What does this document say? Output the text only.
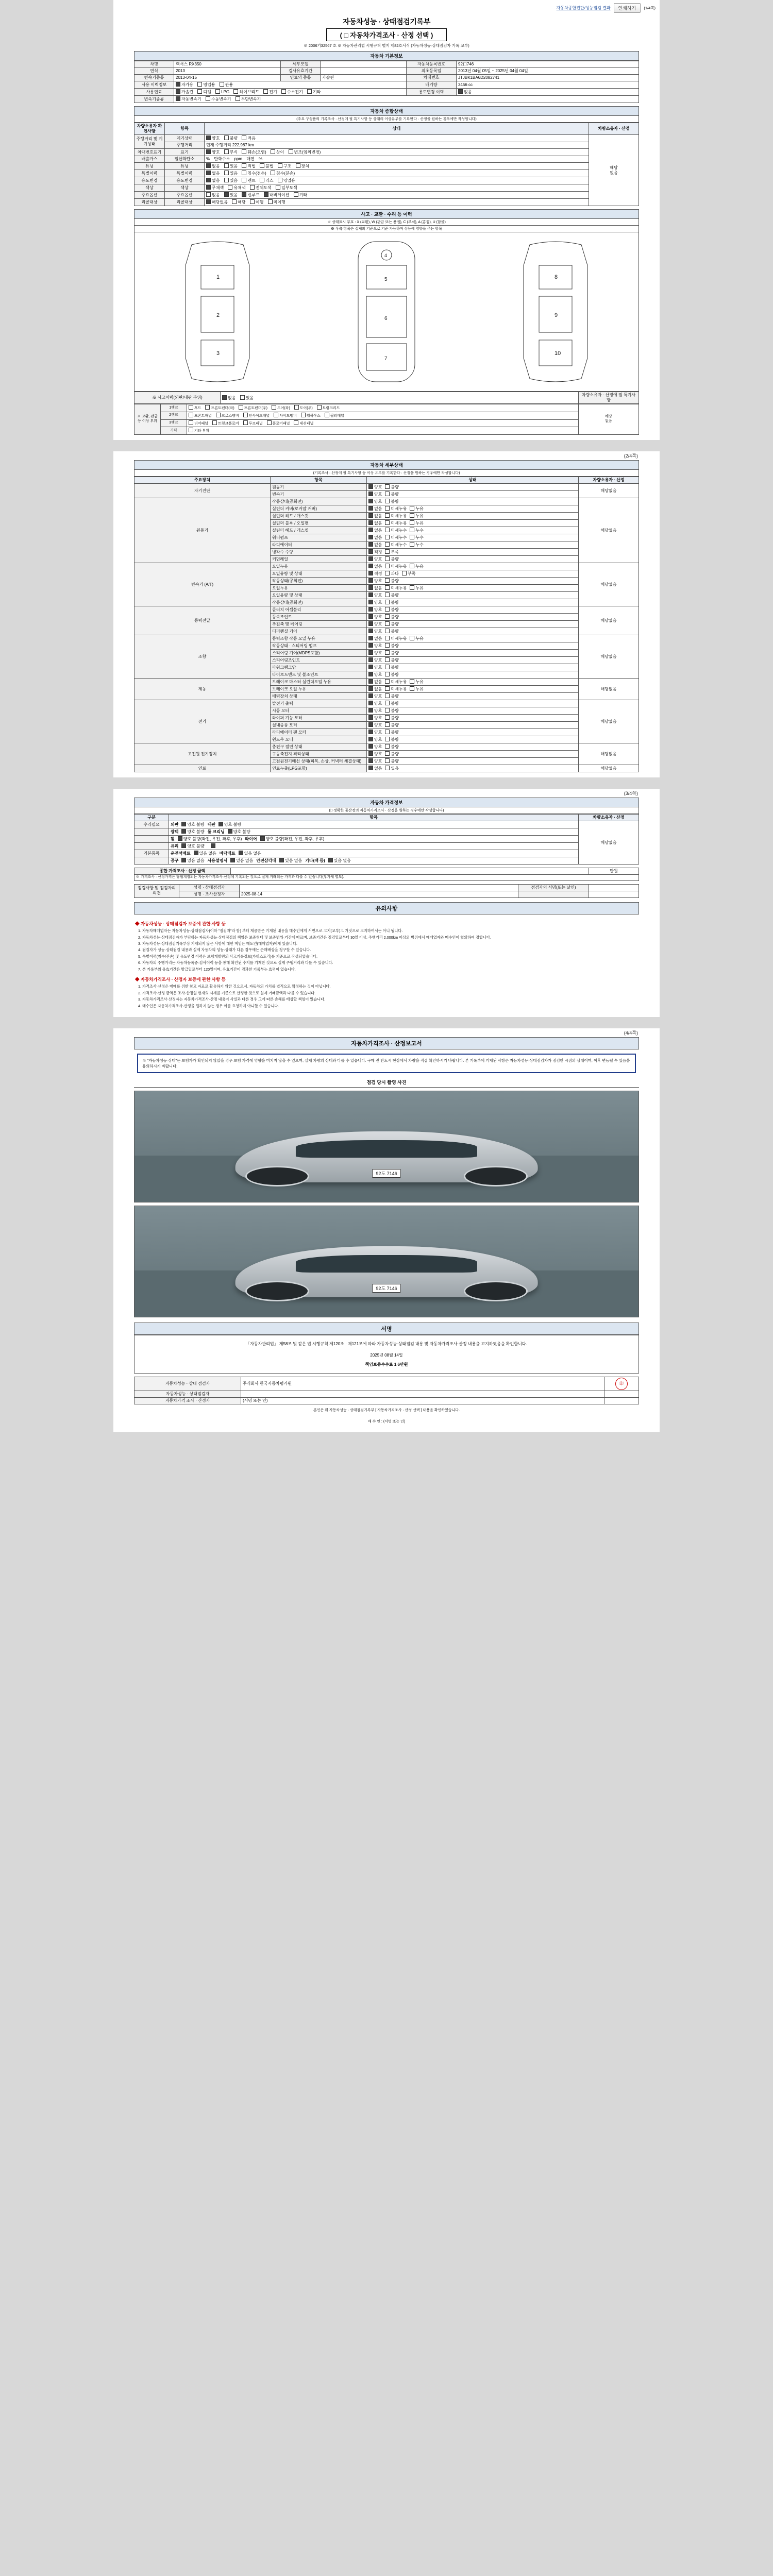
자동차종합진단/성능점검 결과	인쇄하기	(1/4쪽)
자동차성능 · 상태점검기록부
( □ 자동차가격조사 · 산정 선택 )
※ 2006기32567 호 ※ 자동차관리법 시행규칙 별지 제82호서식 (자동차성능·상태점검자 기록·교부)
자동차 기본정보
차명	렉서스 RX350	세부모델		자동차등록번호	92口746
연식	2013	검사유효기간		최초등록일	2013년 04월 05일 ~ 2025년 04월 04일
변속기종류	2013-04-15	연료의 종류	가솔린	차대번호	JTJBK1BA6D2082741
사용 이력정보	자가용 영업용 관용			배기량	3456 cc
사용연료	가솔린 디젤 LPG 하이브리드 전기 수소전기 기타			용도변경 이력	없음
변속기종류	자동변속기 수동변속기 무단변속기				
자동차 종합상태
(주요 구성품의 기록조사 · 산정에 필 특기사항 등 상태의 이상유무를 기록한다 · 산정을 원하는 경우에만 작성합니다)
차량소유자 확인사항	항목	상태	차량소유자 · 산정
주행거리 및 계기상태	계기상태	양호 불량 적음	해당
없음
	주행거리	현재 주행거리 222,987 km	
차대번호표기	표기	양호 부식 훼손(오염) 상이 변조(임의변경)	
배출가스	일산화탄소	% 탄화수소 ppm 매연 %	
튜닝	튜닝	없음 있음 적법 불법 구조 장치	
특별이력	특별이력	없음 있음 침수(전손) 침수(분손)	
용도변경	용도변경	없음 있음 렌트 리스 영업용	
색상	색상	무채색 유채색 전체도색 일부도색	
주요옵션	주요옵션	없음 있음 선루프 내비게이션 기타	
리콜대상	리콜대상	해당없음 해당 이행 미이행	
사고 · 교환 · 수리 등 이력
※ 상태표시 부호 : X (교환), W (판금 또는 용접), C (부식), A (흠집), U (함몰)
※ 우측 항목은 실제의 기준으로 기준 가능하며 성능에 영향을 주는 항목
1
2
3
4
5
6
7
8
9
10
※ 사고이력(외판/내판 부위)	없음 있음	차량소유자 · 산정에 필 특기사항
※ 교환, 판금 등 이상 부위	1랭크	후드 프론트펜더(좌) 프론트펜더(우) 도어(좌) 도어(우) 트렁크리드	해당
없음
	2랭크	프론트패널 크로스멤버 인사이드패널 사이드멤버 휠하우스 필러패널	
	3랭크	리어패널 트렁크플로어 루프패널 플로어패널 데쉬패널	
	기타	기타 부위	
(2/4쪽)
자동차 세부상태
(기록조사 · 산정에 필 특기사항 등 이상 유무를 기록한다 · 산정을 원하는 경우에만 작성합니다)
주요장치	항목	상태	차량소유자 · 산정
자기진단	원동기	양호 불량	해당없음
	변속기	양호 불량	
원동기	작동상태(공회전)	양호 불량	해당없음
	실린더 커버(로커암 커버)	없음 미세누유 누유	
	실린더 헤드 / 개스킷	없음 미세누유 누유	
	실린더 블록 / 오일팬	없음 미세누유 누유	
	실린더 헤드 / 개스킷	없음 미세누수 누수	
	워터펌프	없음 미세누수 누수	
	라디에이터	없음 미세누수 누수	
	냉각수 수량	적정 부족	
	커먼레일	양호 불량	
변속기 (A/T)	오일누유	없음 미세누유 누유	해당없음
	오일유량 및 상태	적정 과다 부족	
	작동상태(공회전)	양호 불량	
	오일누유	없음 미세누유 누유	
	오일유량 및 상태	양호 불량	
	작동상태(공회전)	양호 불량	
동력전달	클러치 어셈블리	양호 불량	해당없음
	등속조인트	양호 불량	
	추진축 및 베어링	양호 불량	
	디퍼렌셜 기어	양호 불량	
조향	동력조향 작동 오일 누유	없음 미세누유 누유	해당없음
	작동상태 · 스티어링 펌프	양호 불량	
	스티어링 기어(MDPS포함)	양호 불량	
	스티어링조인트	양호 불량	
	파워크랭크암	양호 불량	
	타이로드엔드 및 볼조인트	양호 불량	
제동	브레이크 마스터 실린더오일 누유	없음 미세누유 누유	해당없음
	브레이크 오일 누유	없음 미세누유 누유	
	배력장치 상태	양호 불량	
전기	발전기 출력	양호 불량	해당없음
	시동 모터	양호 불량	
	와이퍼 기능 모터	양호 불량	
	실내송풍 모터	양호 불량	
	라디에이터 팬 모터	양호 불량	
	윈도우 모터	양호 불량	
고전원 전기장치	충전구 절연 상태	양호 불량	해당없음
	구동축전지 격리상태	양호 불량	
	고전원전기배선 상태(피복, 손상, 커넥터 체결상태)	양호 불량	
연료	연료누출(LPG포함)	없음 있음	해당없음
(3/4쪽)
자동차 가격정보
(□ 정확한 물산정의 자동차가격조사 · 산정을 원하는 경우에만 작성합니다)
구분	항목	차량소유자 · 산정
수리필요	외판 양호 불량 내판 양호 불량	해당없음
	광택 양호 불량 룸 크리닝 양호 불량	
	휠 양호 불량(좌전, 우전, 좌후, 우후) 타이어 양호 불량(좌전, 우전, 좌후, 우후)	
	유리 양호 불량	
기본품목	운전석매트 있음 없음 바닥매트 있음 없음	
	공구 있음 없음 사용설명서 있음 없음 안전삼각대 있음 없음 기타(잭 등) 있음 없음	
종합 가격조사 · 산정 금액		만원
※ 가격조사 · 산정가격은 당월계정되는 자동차가격조사·산정에 기록되는 것으로 실제 거래되는 가격과 다를 수 있습니다(부가세 별도).
점검사항 및 점검자의 의견	성명 · 상태점검자		점검자의 서명(또는 날인)	
	성명 · 조사산정자	2025-08-14		
유의사항
◆ 자동차성능 · 상태점검자 보증에 관한 사항 등
1. 자동차매매업자는 자동차성능·상태점검자(이하 "점검자"라 함) 부터 제공받은 기재된 내용을 매수인에게 서면으로 고지(교부)고 거짓으로 고지하여서는 아니 됩니다.
2. 자동차성능·상태점검자가 부담하는 자동차성능·상태점검의 책임은 보증형태 및 보증범위·기간에 따르며, 보증기간은 점검일로부터 30일 이상, 주행거리 2,000km 이상의 범위에서 매매업자와 매수인이 협의하여 정합니다.
3. 자동차성능·상태점검기록부상 기재되지 않은 사항에 대한 책임은 매도인(매매업자)에게 있습니다.
4. 점검자가 성능·상태점검 내용과 실제 자동차의 성능·상태가 다른 경우에는 손해배상을 청구할 수 있습니다.
5. 특별이력(침수/전손) 및 용도변경 이력은 보험개발원의 사고기록정보(카히스토리)를 기준으로 작성되었습니다.
6. 자동차의 주행거리는 자동차등록증·검사이력 등을 통해 확인된 수치를 기재한 것으로 실제 주행거리와 다를 수 있습니다.
7. 본 기록부의 유효기간은 발급일로부터 120일이며, 유효기간이 경과한 기록부는 효력이 없습니다.
◆ 자동차가격조사 · 산정자 보증에 관한 사항 등
1. 가격조사·산정은 매매를 위한 참고 자료로 활용하기 위한 것으로서, 자동차의 가치를 법적으로 확정하는 것이 아닙니다.
2. 가격조사·산정 금액은 조사·산정일 현재의 시세를 기준으로 산정한 것으로 실제 거래금액과 다를 수 있습니다.
3. 자동차가격조사·산정자는 자동차가격조사·산정 내용이 사실과 다른 경우 그에 따른 손해를 배상할 책임이 있습니다.
4. 매수인은 자동차가격조사·산정을 원하지 않는 경우 이를 요청하지 아니할 수 있습니다.
(4/4쪽)
자동차가격조사 · 산정보고서
※ "자동차성능·상태"는 보험가가 확인되지 않았을 경우 보험 가격에 영향을 미치지 않을 수 있으며, 실제 차량의 상태와 다를 수 있습니다. 구매 전 반드시 현장에서 차량을 직접 확인하시기 바랍니다. 본 기록부에 기재된 사항은 자동차성능·상태점검자가 점검한 시점의 상태이며, 이후 변동될 수 있음을 유의하시기 바랍니다.
점검 당시 촬영 사진
92도 7146
92도 7146
서명
「자동차관리법」 제58조 및 같은 법 시행규칙 제120조 · 제121조에 따라 자동차성능·상태점검 내용 및 자동차가격조사·산정 내용을 고지하였음을 확인합니다.
2025년 08월 14일
책임보증수수료 1 6만원
자동차성능 · 상태 점검자	주식회사 한국자동차평가원	印
자동차성능 · 상태점검자		
자동차가격 조사 · 산정자	(서명 또는 인)	
본인은 위 자동차성능 · 상태점검기록부 [ 자동차가격조사 · 산정 선택 ] 내용을 확인하였습니다.
매 수 인 : (서명 또는 인)
